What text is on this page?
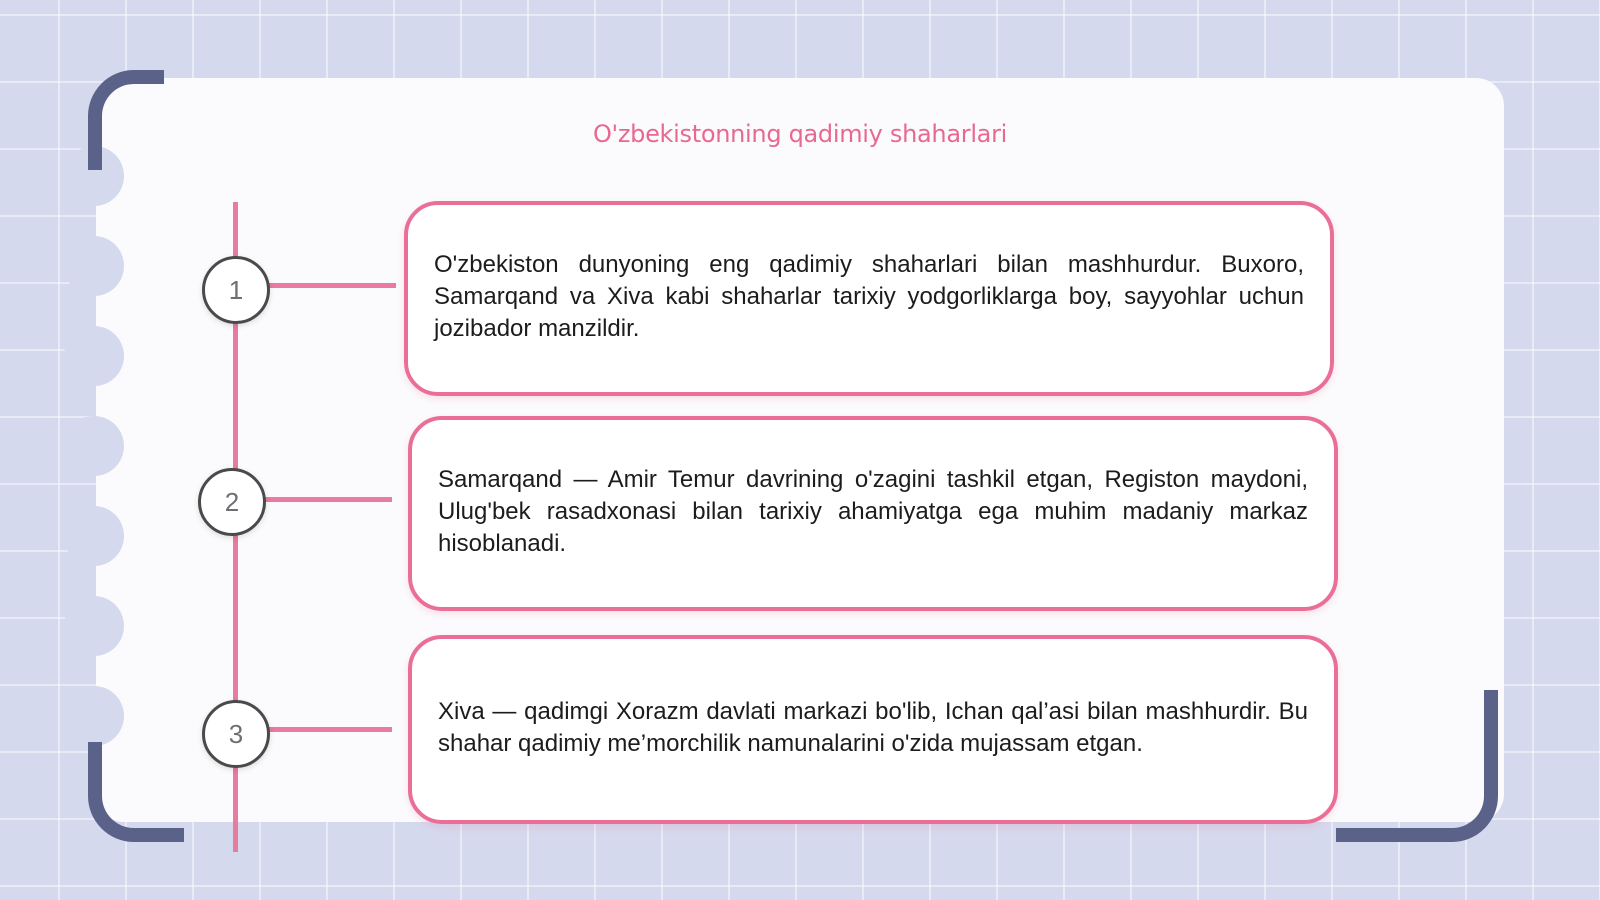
O'zbekistonning qadimiy shaharlari
1
2
3

O'zbekiston dunyoning eng qadimiy shaharlari bilan mashhurdur. Buxoro, Samarqand va Xiva kabi shaharlar tarixiy yodgorliklarga boy, sayyohlar uchun jozibador manzildir.

Samarqand — Amir Temur davrining o'zagini tashkil etgan, Registon maydoni, Ulug'bek rasadxonasi bilan tarixiy ahamiyatga ega muhim madaniy markaz hisoblanadi.

Xiva — qadimgi Xorazm davlati markazi bo'lib, Ichan qal’asi bilan mashhurdir. Bu shahar qadimiy me’morchilik namunalarini o'zida mujassam etgan.
